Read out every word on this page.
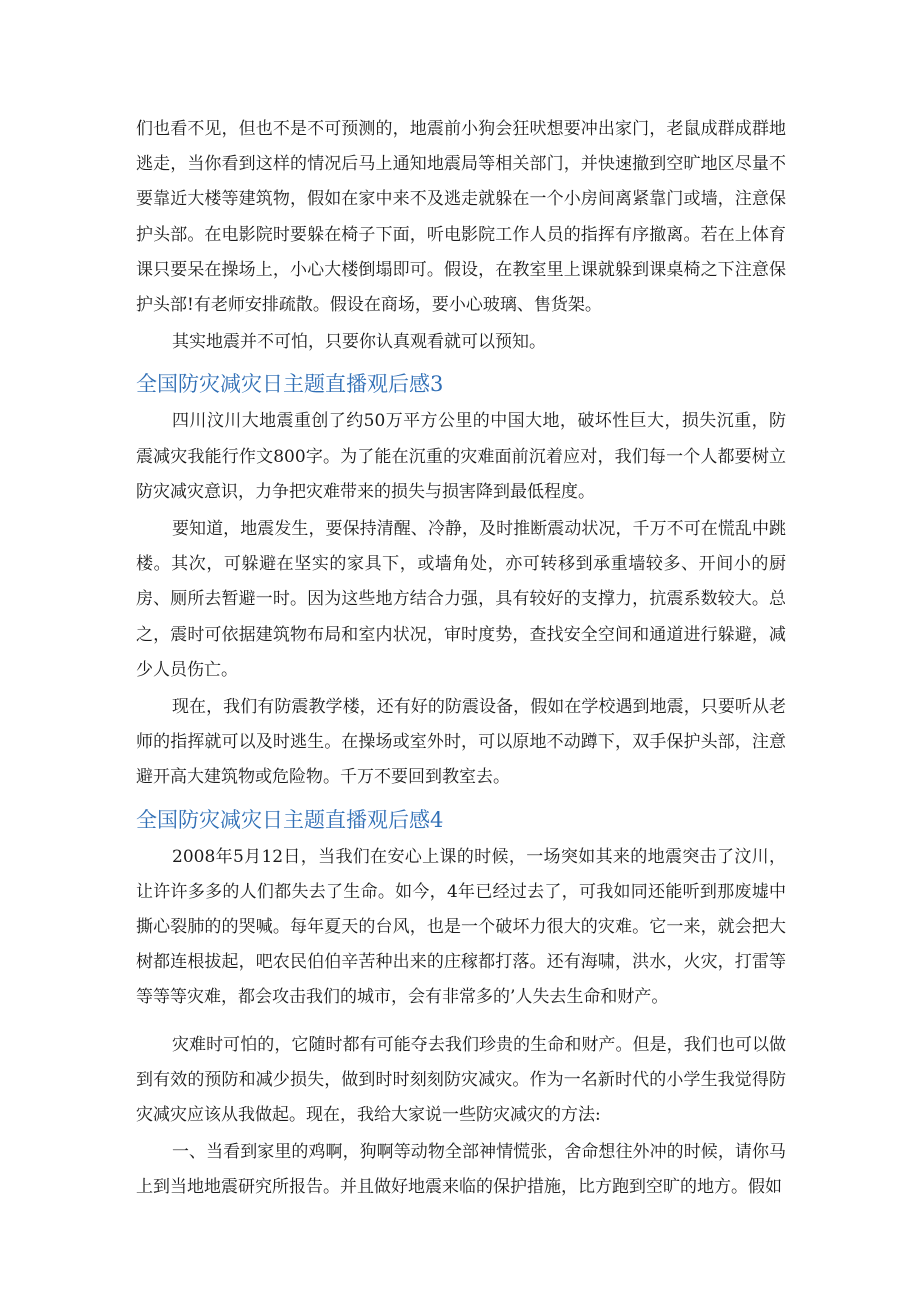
们也看不见，但也不是不可预测的，地震前小狗会狂吠想要冲出家门，老鼠成群成群地逃走，当你看到这样的情况后马上通知地震局等相关部门，并快速撤到空旷地区尽量不要靠近大楼等建筑物，假如在家中来不及逃走就躲在一个小房间离紧靠门或墙，注意保护头部。在电影院时要躲在椅子下面，听电影院工作人员的指挥有序撤离。若在上体育课只要呆在操场上，小心大楼倒塌即可。假设，在教室里上课就躲到课桌椅之下注意保护头部!有老师安排疏散。假设在商场，要小心玻璃、售货架。

其实地震并不可怕，只要你认真观看就可以预知。

全国防灾减灾日主题直播观后感3

四川汶川大地震重创了约50万平方公里的中国大地，破坏性巨大，损失沉重，防震减灾我能行作文800字。为了能在沉重的灾难面前沉着应对，我们每一个人都要树立防灾减灾意识，力争把灾难带来的损失与损害降到最低程度。

要知道，地震发生，要保持清醒、冷静，及时推断震动状况，千万不可在慌乱中跳楼。其次，可躲避在坚实的家具下，或墙角处，亦可转移到承重墙较多、开间小的厨房、厕所去暂避一时。因为这些地方结合力强，具有较好的支撑力，抗震系数较大。总之，震时可依据建筑物布局和室内状况，审时度势，查找安全空间和通道进行躲避，减少人员伤亡。

现在，我们有防震教学楼，还有好的防震设备，假如在学校遇到地震，只要听从老师的指挥就可以及时逃生。在操场或室外时，可以原地不动蹲下，双手保护头部，注意避开高大建筑物或危险物。千万不要回到教室去。

全国防灾减灾日主题直播观后感4

2008年5月12日，当我们在安心上课的时候，一场突如其来的地震突击了汶川，让许许多多的人们都失去了生命。如今，4年已经过去了，可我如同还能听到那废墟中撕心裂肺的的哭喊。每年夏天的台风，也是一个破坏力很大的灾难。它一来，就会把大树都连根拔起，吧农民伯伯辛苦种出来的庄稼都打落。还有海啸，洪水，火灾，打雷等等等等灾难，都会攻击我们的城市，会有非常多的’人失去生命和财产。

灾难时可怕的，它随时都有可能夺去我们珍贵的生命和财产。但是，我们也可以做到有效的预防和减少损失，做到时时刻刻防灾减灾。作为一名新时代的小学生我觉得防灾减灾应该从我做起。现在，我给大家说一些防灾减灾的方法:

一、当看到家里的鸡啊，狗啊等动物全部神情慌张，舍命想往外冲的时候，请你马上到当地地震研究所报告。并且做好地震来临的保护措施，比方跑到空旷的地方。假如
